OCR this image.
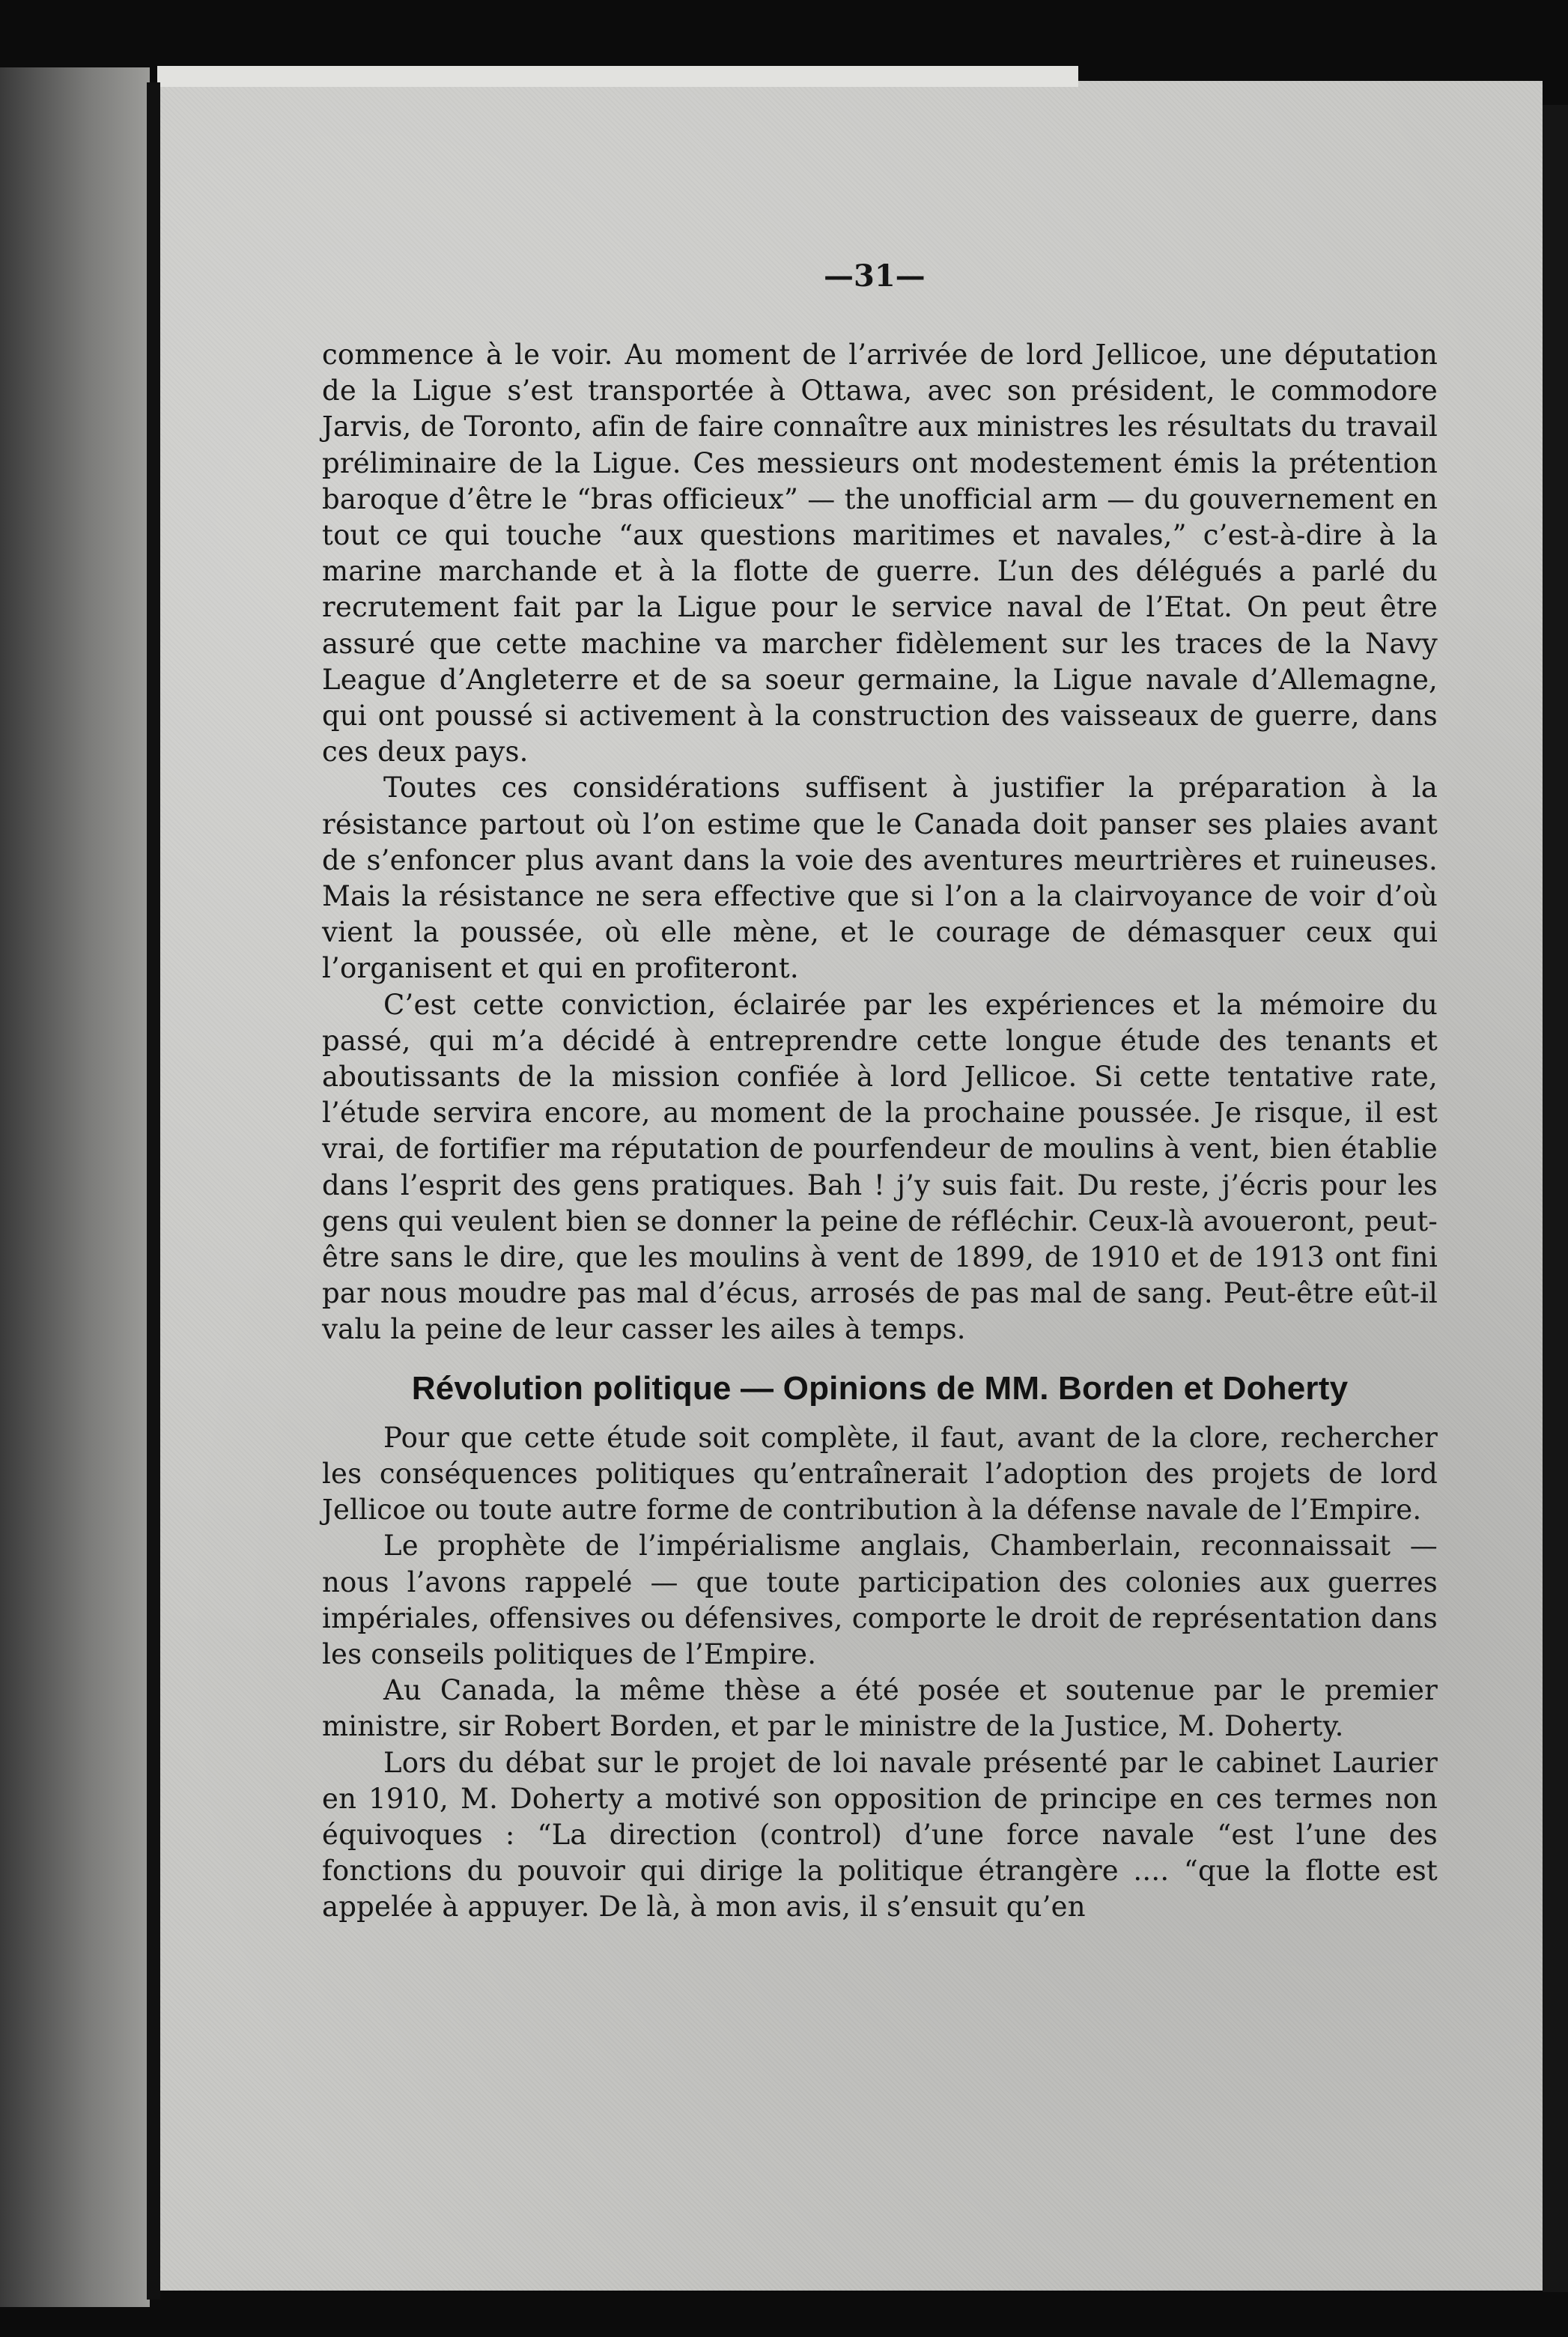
—31—

commence à le voir. Au moment de l’arrivée de lord Jellicoe, une députation de la Ligue s’est transportée à Ottawa, avec son président, le commodore Jarvis, de Toronto, afin de faire connaître aux ministres les résultats du travail préliminaire de la Ligue. Ces messieurs ont modestement émis la prétention baroque d’être le “bras officieux” — the unofficial arm — du gouvernement en tout ce qui touche “aux questions maritimes et navales,” c’est-à-dire à la marine marchande et à la flotte de guerre. L’un des délégués a parlé du recrutement fait par la Ligue pour le service naval de l’Etat. On peut être assuré que cette machine va marcher fidèlement sur les traces de la Navy League d’Angleterre et de sa soeur germaine, la Ligue navale d’Allemagne, qui ont poussé si activement à la construction des vaisseaux de guerre, dans ces deux pays.

Toutes ces considérations suffisent à justifier la préparation à la résistance partout où l’on estime que le Canada doit panser ses plaies avant de s’enfoncer plus avant dans la voie des aventures meurtrières et ruineuses. Mais la résistance ne sera effective que si l’on a la clairvoyance de voir d’où vient la poussée, où elle mène, et le courage de démasquer ceux qui l’organisent et qui en profiteront.

C’est cette conviction, éclairée par les expériences et la mémoire du passé, qui m’a décidé à entreprendre cette longue étude des tenants et aboutissants de la mission confiée à lord Jellicoe. Si cette tentative rate, l’étude servira encore, au moment de la prochaine poussée. Je risque, il est vrai, de fortifier ma réputation de pourfendeur de moulins à vent, bien établie dans l’esprit des gens pratiques. Bah ! j’y suis fait. Du reste, j’écris pour les gens qui veulent bien se donner la peine de réfléchir. Ceux-là avoueront, peut-être sans le dire, que les moulins à vent de 1899, de 1910 et de 1913 ont fini par nous moudre pas mal d’écus, arrosés de pas mal de sang. Peut-être eût-il valu la peine de leur casser les ailes à temps.

Révolution politique — Opinions de MM. Borden et Doherty

Pour que cette étude soit complète, il faut, avant de la clore, rechercher les conséquences politiques qu’entraînerait l’adoption des projets de lord Jellicoe ou toute autre forme de contribution à la défense navale de l’Empire.

Le prophète de l’impérialisme anglais, Chamberlain, reconnaissait — nous l’avons rappelé — que toute participation des colonies aux guerres impériales, offensives ou défensives, comporte le droit de représentation dans les conseils politiques de l’Empire.

Au Canada, la même thèse a été posée et soutenue par le premier ministre, sir Robert Borden, et par le ministre de la Justice, M. Doherty.

Lors du débat sur le projet de loi navale présenté par le cabinet Laurier en 1910, M. Doherty a motivé son opposition de principe en ces termes non équivoques : “La direction (control) d’une force navale “est l’une des fonctions du pouvoir qui dirige la politique étrangère .... “que la flotte est appelée à appuyer. De là, à mon avis, il s’ensuit qu’en
